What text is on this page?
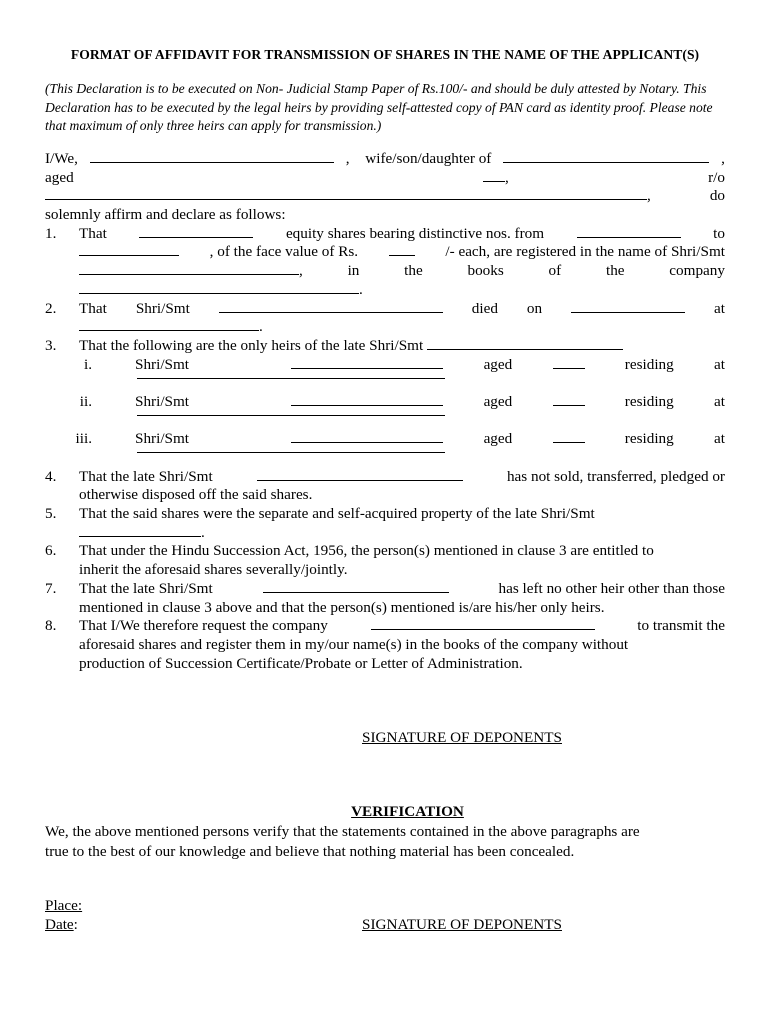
FORMAT OF AFFIDAVIT FOR TRANSMISSION OF SHARES IN THE NAME OF THE APPLICANT(S)
(This Declaration is to be executed on Non- Judicial Stamp Paper of Rs.100/- and should be duly attested by Notary. This
Declaration has to be executed by the legal heirs by providing self-attested copy of PAN card as identity proof. Please note
that maximum of only three heirs can apply for transmission.)
I/We,	, wife/son/daughter of	,
aged	,	r/o
,	do
solemnly affirm and declare as follows:
1. That	equity shares bearing distinctive nos. from	to
, of the face value of Rs.	/- each, are registered in the name of Shri/Smt
,	in	the	books	of	the	company
.
2. That Shri/Smt	died on	at
.
3. That the following are the only heirs of the late Shri/Smt
i.	Shri/Smt	aged	residing	at
ii.	Shri/Smt	aged	residing	at
iii.	Shri/Smt	aged	residing	at
4. That the late Shri/Smt	has not sold, transferred, pledged or
otherwise disposed off the said shares.
5. That the said shares were the separate and self-acquired property of the late Shri/Smt
.
6. That under the Hindu Succession Act, 1956, the person(s) mentioned in clause 3 are entitled to
inherit the aforesaid shares severally/jointly.
7. That the late Shri/Smt	has left no other heir other than those
mentioned in clause 3 above and that the person(s) mentioned is/are his/her only heirs.
8. That I/We therefore request the company	to transmit the
aforesaid shares and register them in my/our name(s) in the books of the company without
production of Succession Certificate/Probate or Letter of Administration.
SIGNATURE OF DEPONENTS
VERIFICATION
We, the above mentioned persons verify that the statements contained in the above paragraphs are
true to the best of our knowledge and believe that nothing material has been concealed.
Place:
Date:	SIGNATURE OF DEPONENTS
